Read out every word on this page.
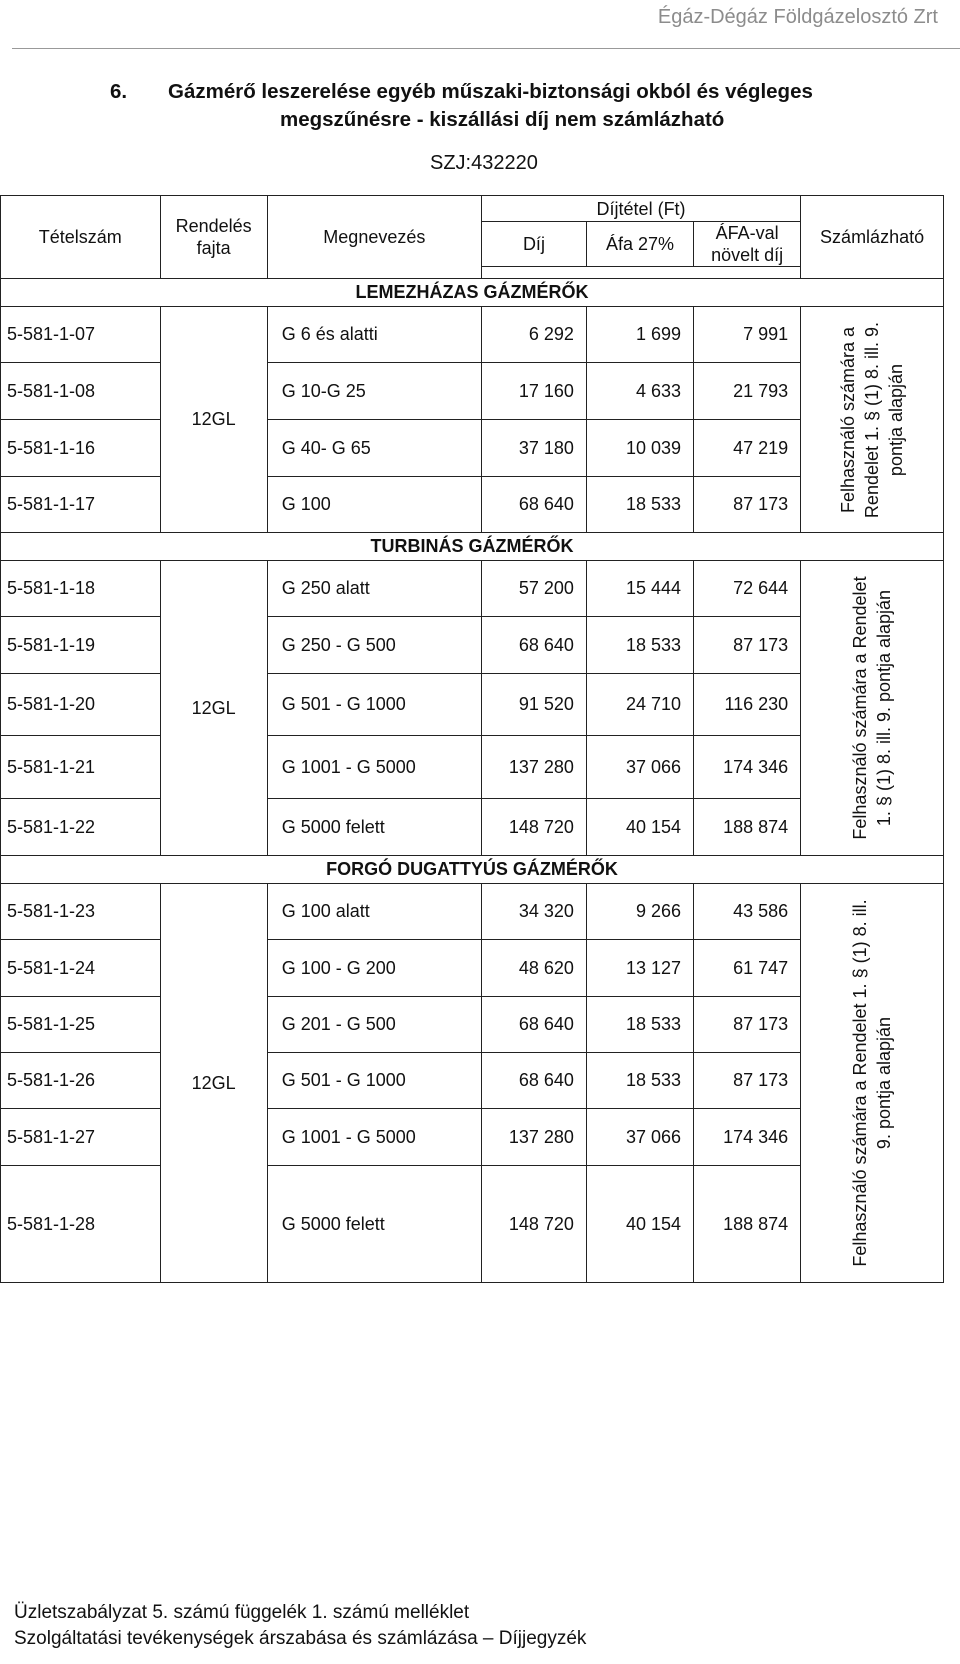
Égáz-Dégáz Földgázelosztó Zrt
6. Gázmérő leszerelése egyéb műszaki-biztonsági okból és végleges
megszűnésre - kiszállási díj nem számlázható
SZJ:432220
Tételszám	Rendelés fajta	Megnevezés	Díjtétel (Ft)			Számlázható
			Díj	Áfa 27%	ÁFA-val növelt díj	

LEMEZHÁZAS GÁZMÉRŐK						
5-581-1-07	12GL	G 6 és alatti	6 292	1 699	7 991	Felhasználó számára a Rendelet 1. § (1) 8. ill. 9. pontja alapján

5-581-1-08		G 10-G 25	17 160	4 633	21 793	
5-581-1-16		G 40- G 65	37 180	10 039	47 219	
5-581-1-17		G 100	68 640	18 533	87 173	
TURBINÁS GÁZMÉRŐK						
5-581-1-18	12GL	G 250 alatt	57 200	15 444	72 644	Felhasználó számára a Rendelet 1. § (1) 8. ill. 9. pontja alapján

5-581-1-19		G 250 - G 500	68 640	18 533	87 173	
5-581-1-20		G 501 - G 1000	91 520	24 710	116 230	
5-581-1-21		G 1001 - G 5000	137 280	37 066	174 346	
5-581-1-22		G 5000 felett	148 720	40 154	188 874	
FORGÓ DUGATTYÚS GÁZMÉRŐK						
5-581-1-23	12GL	G 100 alatt	34 320	9 266	43 586	Felhasználó számára a Rendelet 1. § (1) 8. ill. 9. pontja alapján

5-581-1-24		G 100 - G 200	48 620	13 127	61 747	
5-581-1-25		G 201 - G 500	68 640	18 533	87 173	
5-581-1-26		G 501 - G 1000	68 640	18 533	87 173	
5-581-1-27		G 1001 - G 5000	137 280	37 066	174 346	
5-581-1-28		G 5000 felett	148 720	40 154	188 874	
Üzletszabályzat 5. számú függelék 1. számú melléklet
Szolgáltatási tevékenységek árszabása és számlázása – Díjjegyzék
